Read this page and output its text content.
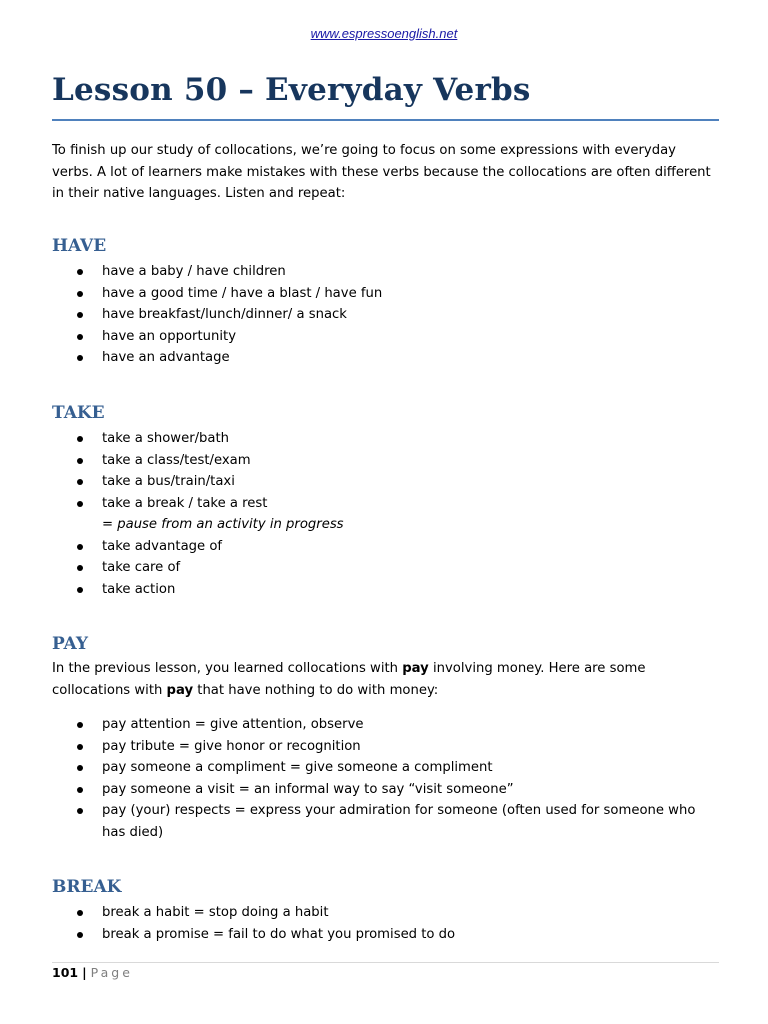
www.espressoenglish.net
Lesson 50 – Everyday Verbs

To finish up our study of collocations, we’re going to focus on some expressions with everyday verbs. A lot of learners make mistakes with these verbs because the collocations are often different in their native languages. Listen and repeat:

HAVE
have a baby / have children
have a good time / have a blast / have fun
have breakfast/lunch/dinner/ a snack
have an opportunity
have an advantage
TAKE
take a shower/bath
take a class/test/exam
take a bus/train/taxi
take a break / take a rest
= pause from an activity in progress
take advantage of
take care of
take action
PAY

In the previous lesson, you learned collocations with pay involving money. Here are some collocations with pay that have nothing to do with money:

pay attention = give attention, observe
pay tribute = give honor or recognition
pay someone a compliment = give someone a compliment
pay someone a visit = an informal way to say “visit someone”
pay (your) respects = express your admiration for someone (often used for someone who has died)
BREAK
break a habit = stop doing a habit
break a promise = fail to do what you promised to do
101 | Page
